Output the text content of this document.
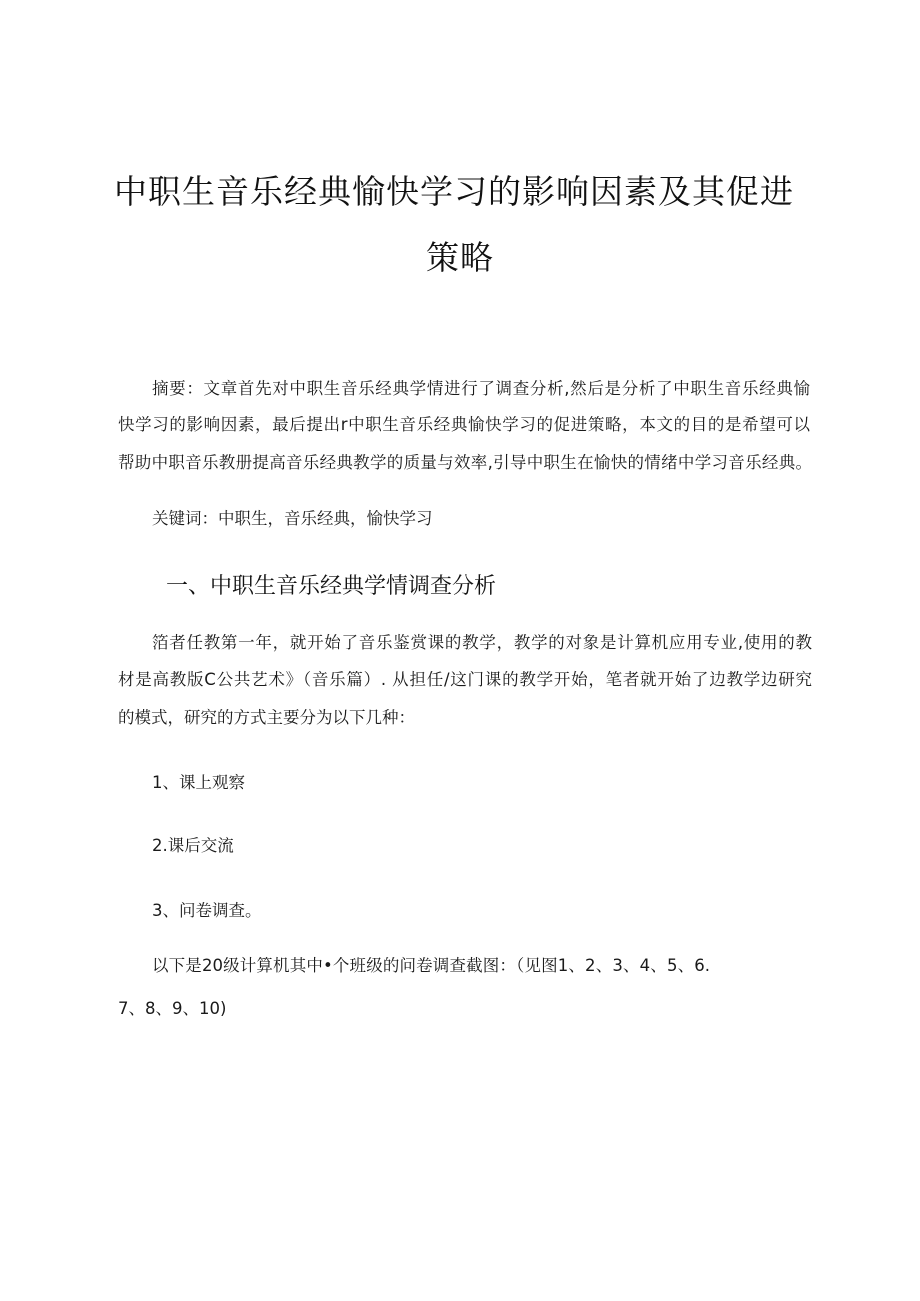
中职生音乐经典愉快学习的影响因素及其促进
策略
摘要：文章首先对中职生音乐经典学情进行了调查分析,然后是分析了中职生音乐经典愉
快学习的影响因素，最后提出r中职生音乐经典愉快学习的促进策略，本文的目的是希望可以
帮助中职音乐教册提高音乐经典教学的质量与效率,引导中职生在愉快的情绪中学习音乐经典。
关键词：中职生，音乐经典，愉快学习
一、中职生音乐经典学情调查分析
箔者任教第一年，就开始了音乐鉴赏课的教学，教学的对象是计算机应用专业,使用的教
材是高教版C公共艺术》（音乐篇）. 从担任/这门课的教学开始，笔者就开始了边教学边研究
的模式，研究的方式主要分为以下几种：
1、课上观察
2.课后交流
3、问卷调查。
以下是20级计算机其中•个班级的问卷调查截图：（见图1、2、3、4、5、6.
7、8、9、10)
